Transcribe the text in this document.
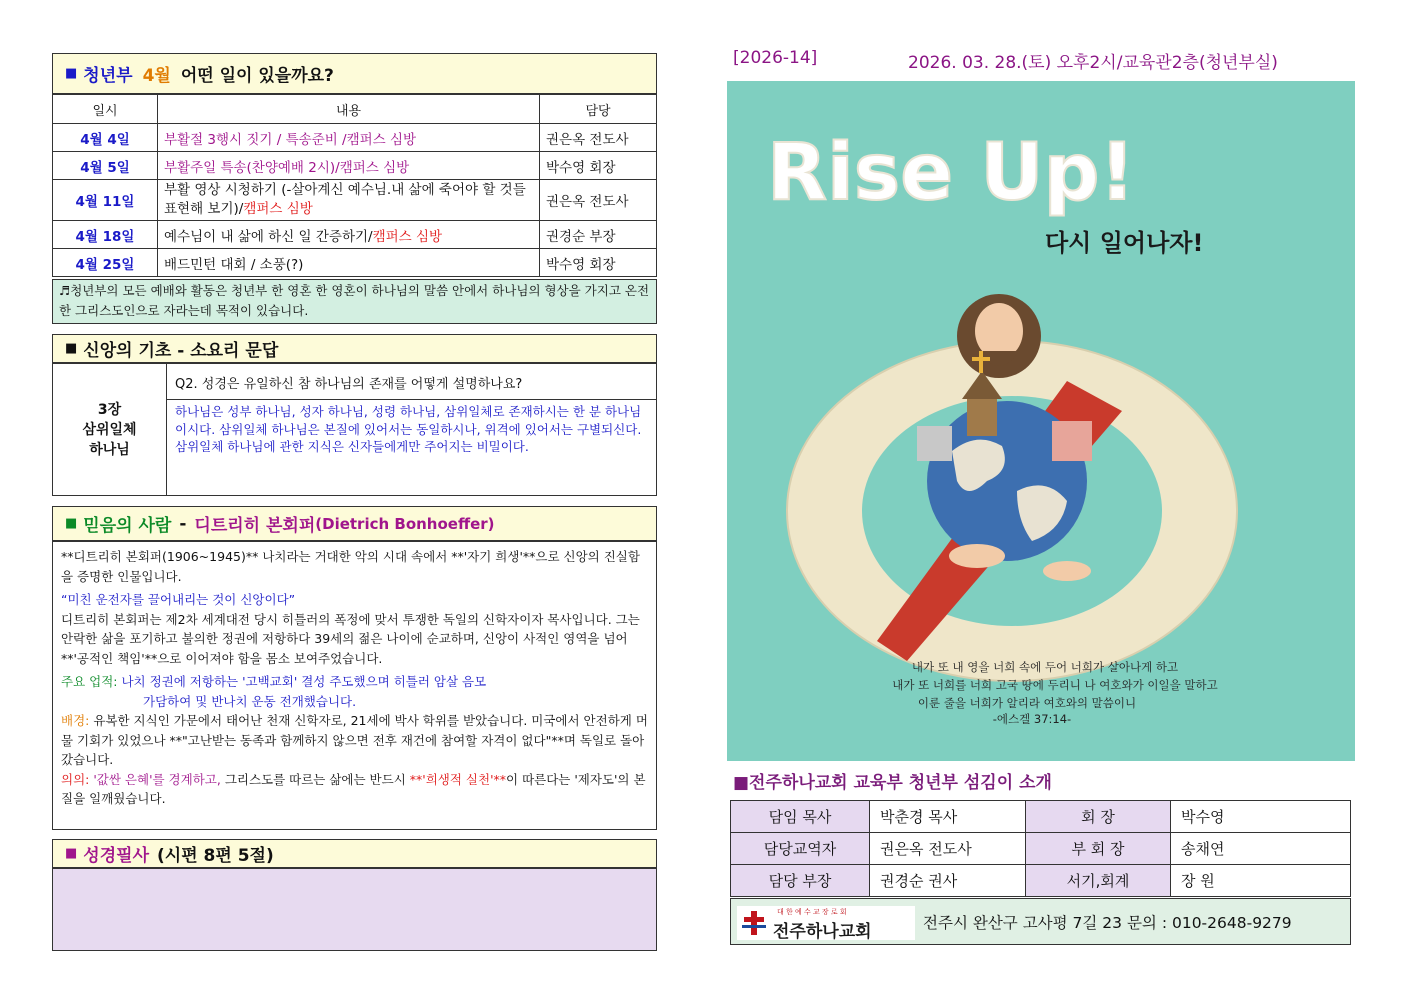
■ 청년부 4월 어떤 일이 있을까요?
일시	내용	담당
4월 4일	부활절 3행시 짓기 / 특송준비 /캠퍼스 심방	권은옥 전도사
4월 5일	부활주일 특송(찬양예배 2시)/캠퍼스 심방	박수영 회장
4월 11일	부활 영상 시청하기 (-살아계신 예수님.내 삶에 죽어야 할 것들 표현해 보기)/캠퍼스 심방	권은옥 전도사
4월 18일	예수님이 내 삶에 하신 일 간증하기/캠퍼스 심방	권경순 부장
4월 25일	배드민턴 대회 / 소풍(?)	박수영 회장
♬청년부의 모든 예배와 활동은 청년부 한 영혼 한 영혼이 하나님의 말씀 안에서 하나님의 형상을 가지고 온전한 그리스도인으로 자라는데 목적이 있습니다.
■ 신앙의 기초 - 소요리 문답
3장
삼위일체
하나님
Q2. 성경은 유일하신 참 하나님의 존재를 어떻게 설명하나요?
하나님은 성부 하나님, 성자 하나님, 성령 하나님, 삼위일체로 존재하시는 한 분 하나님이시다. 삼위일체 하나님은 본질에 있어서는 동일하시나, 위격에 있어서는 구별되신다. 삼위일체 하나님에 관한 지식은 신자들에게만 주어지는 비밀이다.
■ 믿음의 사람 - 디트리히 본회퍼 (Dietrich Bonhoeffer)

**디트리히 본회퍼(1906~1945)** 나치라는 거대한 악의 시대 속에서 **'자기 희생'**으로 신앙의 진실함을 증명한 인물입니다.

“미친 운전자를 끌어내리는 것이 신앙이다”

디트리히 본회퍼는 제2차 세계대전 당시 히틀러의 폭정에 맞서 투쟁한 독일의 신학자이자 목사입니다. 그는 안락한 삶을 포기하고 불의한 정권에 저항하다 39세의 젊은 나이에 순교하며, 신앙이 사적인 영역을 넘어 **'공적인 책임'**으로 이어져야 함을 몸소 보여주었습니다.

주요 업적: 나치 정권에 저항하는 '고백교회' 결성 주도했으며 히틀러 암살 음모
가담하여 및 반나치 운동 전개했습니다.
배경: 유복한 지식인 가문에서 태어난 천재 신학자로, 21세에 박사 학위를 받았습니다. 미국에서 안전하게 머물 기회가 있었으나 **"고난받는 동족과 함께하지 않으면 전후 재건에 참여할 자격이 없다"**며 독일로 돌아갔습니다.
의의: '값싼 은혜'를 경계하고, 그리스도를 따르는 삶에는 반드시 **'희생적 실천'**이 따른다는 '제자도'의 본질을 일깨웠습니다.
■ 성경필사 (시편 8편 5절)
[2026-14]	2026. 03. 28.(토) 오후2시/교육관2층(청년부실)
Rise Up!
다시 일어나자!
내가 또 내 영을 너희 속에 두어 너희가 살아나게 하고
내가 또 너희를 너희 고국 땅에 두리니 나 여호와가 이일을 말하고
이룬 줄을 너희가 알리라 여호와의 말씀이니
-에스겔 37:14-
■전주하나교회 교육부 청년부 섬김이 소개
담임 목사	박춘경 목사	회 장	박수영
담당교역자	권은옥 전도사	부 회 장	송채연
담당 부장	권경순 권사	서기,회계	장 원
대 한 예 수 교 장 로 회
전주하나교회	전주시 완산구 고사평 7길 23 문의 : 010-2648-9279
